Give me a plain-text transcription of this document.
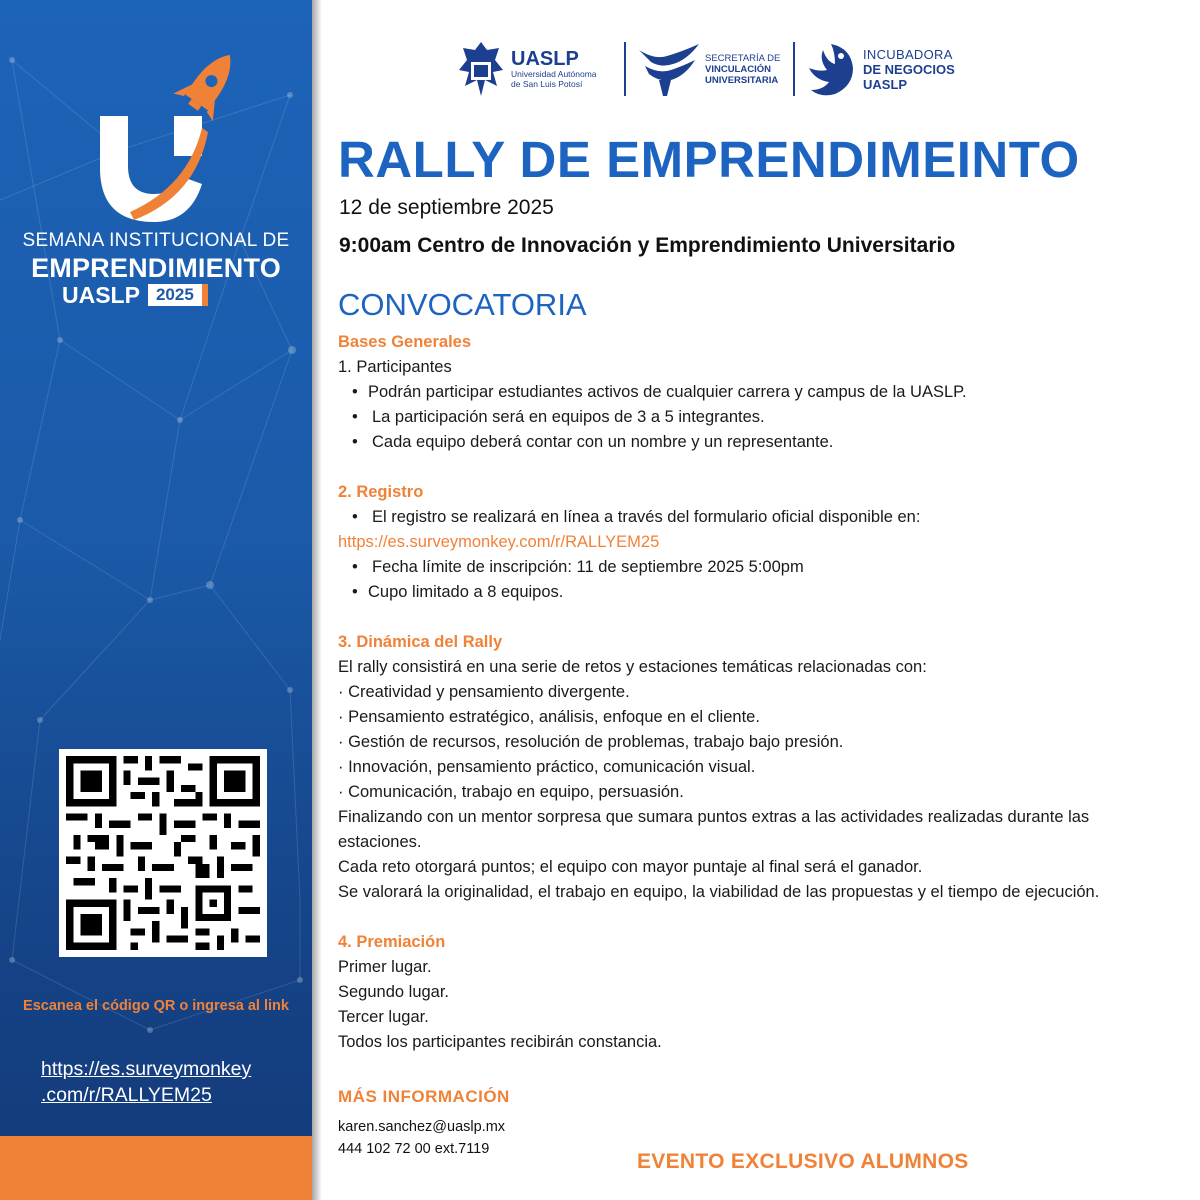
SEMANA INSTITUCIONAL DE
EMPRENDIMIENTO
UASLP 2025
Escanea el código QR o ingresa al link
https://es.surveymonkey
.com/r/RALLYEM25
UASLP
Universidad Autónoma
de San Luis Potosí
SECRETARÍA DE
VINCULACIÓN
UNIVERSITARIA
INCUBADORA
DE NEGOCIOS
UASLP
RALLY DE EMPRENDIMEINTO
12 de septiembre 2025
9:00am Centro de Innovación y Emprendimiento Universitario
CONVOCATORIA
Bases Generales
1. Participantes
• Podrán participar estudiantes activos de cualquier carrera y campus de la UASLP.
• La participación será en equipos de 3 a 5 integrantes.
• Cada equipo deberá contar con un nombre y un representante.
2. Registro
• El registro se realizará en línea a través del formulario oficial disponible en:
https://es.surveymonkey.com/r/RALLYEM25
• Fecha límite de inscripción: 11 de septiembre 2025 5:00pm
• Cupo limitado a 8 equipos.
3. Dinámica del Rally
El rally consistirá en una serie de retos y estaciones temáticas relacionadas con:
· Creatividad y pensamiento divergente.
· Pensamiento estratégico, análisis, enfoque en el cliente.
· Gestión de recursos, resolución de problemas, trabajo bajo presión.
· Innovación, pensamiento práctico, comunicación visual.
· Comunicación, trabajo en equipo, persuasión.
Finalizando con un mentor sorpresa que sumara puntos extras a las actividades realizadas durante las estaciones.
Cada reto otorgará puntos; el equipo con mayor puntaje al final será el ganador.
Se valorará la originalidad, el trabajo en equipo, la viabilidad de las propuestas y el tiempo de ejecución.
4. Premiación
Primer lugar.
Segundo lugar.
Tercer lugar.
Todos los participantes recibirán constancia.
MÁS INFORMACIÓN
karen.sanchez@uaslp.mx
444 102 72 00 ext.7119
EVENTO EXCLUSIVO ALUMNOS
